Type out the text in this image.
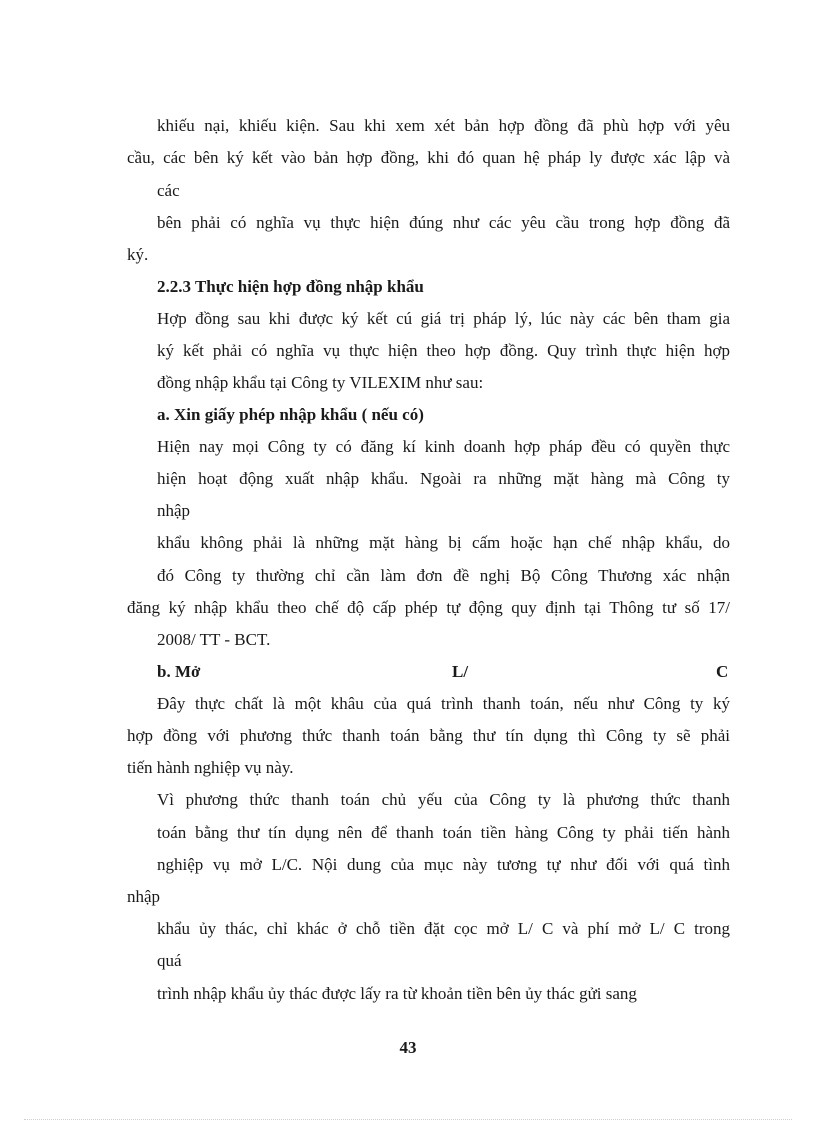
khiếu nại, khiếu kiện. Sau khi xem xét bản hợp đồng đã phù hợp với yêu
cầu, các bên ký kết vào bản hợp đồng, khi đó quan hệ pháp ly được xác lập và
các
bên phải có nghĩa vụ thực hiện đúng như các yêu cầu trong hợp đồng đã
ký.
2.2.3 Thực hiện hợp đồng nhập khẩu
Hợp đồng sau khi được ký kết cú giá trị pháp lý, lúc này các bên tham gia
ký kết phải có nghĩa vụ thực hiện theo hợp đồng. Quy trình thực hiện hợp
đồng nhập khẩu tại Công ty VILEXIM như sau:
a. Xin giấy phép nhập khẩu ( nếu có)
Hiện nay mọi Công ty có đăng kí kinh doanh hợp pháp đều có quyền thực
hiện hoạt động xuất nhập khẩu. Ngoài ra những mặt hàng mà Công ty
nhập
khẩu không phải là những mặt hàng bị cấm hoặc hạn chế nhập khẩu, do
đó Công ty thường chỉ cần làm đơn đề nghị Bộ Công Thương xác nhận
đăng ký nhập khẩu theo chế độ cấp phép tự động quy định tại Thông tư số 17/
2008/ TT - BCT.
b. Mở	L/	C
Đây thực chất là một khâu của quá trình thanh toán, nếu như Công ty ký
hợp đồng với phương thức thanh toán bằng thư tín dụng thì Công ty sẽ phải
tiến hành nghiệp vụ này.
Vì phương thức thanh toán chủ yếu của Công ty là phương thức thanh
toán bằng thư tín dụng nên để thanh toán tiền hàng Công ty phải tiến hành
nghiệp vụ mở L/C. Nội dung của mục này tương tự như đối với quá tình
nhập
khẩu ủy thác, chỉ khác ở chỗ tiền đặt cọc mở L/ C và phí mở L/ C trong
quá
trình nhập khẩu ủy thác được lấy ra từ khoản tiền bên ủy thác gửi sang
43
